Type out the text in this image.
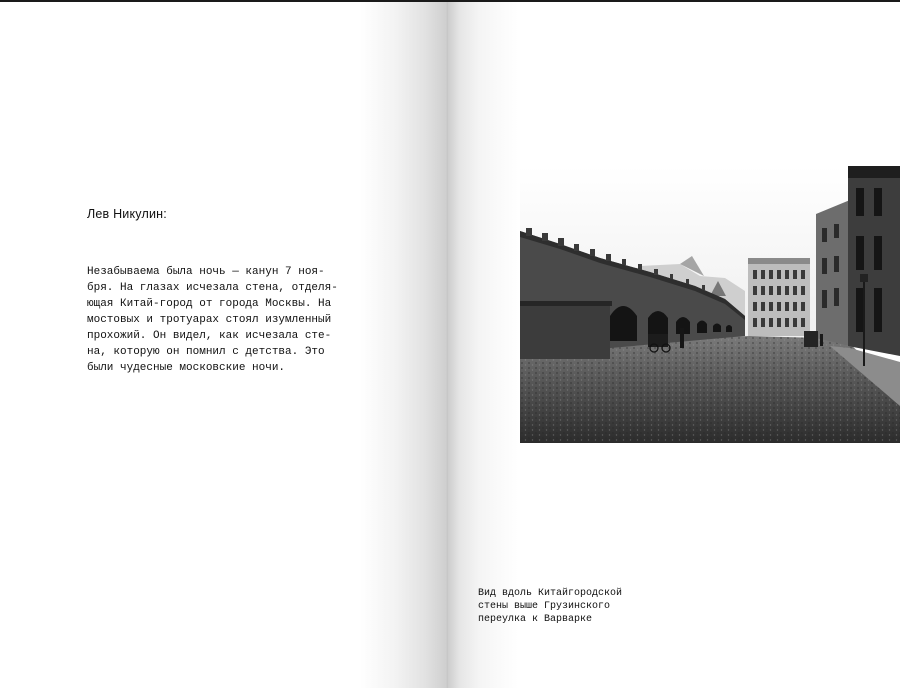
Лев Никулин:

Незабываема была ночь — канун 7 ноя-
бря. На глазах исчезала стена, отделя-
ющая Китай-город от города Москвы. На
мостовых и тротуарах стоял изумленный
прохожий. Он видел, как исчезала сте-
на, которую он помнил с детства. Это
были чудесные московские ночи.

Вид вдоль Китайгородской
стены выше Грузинского
переулка к Варварке
